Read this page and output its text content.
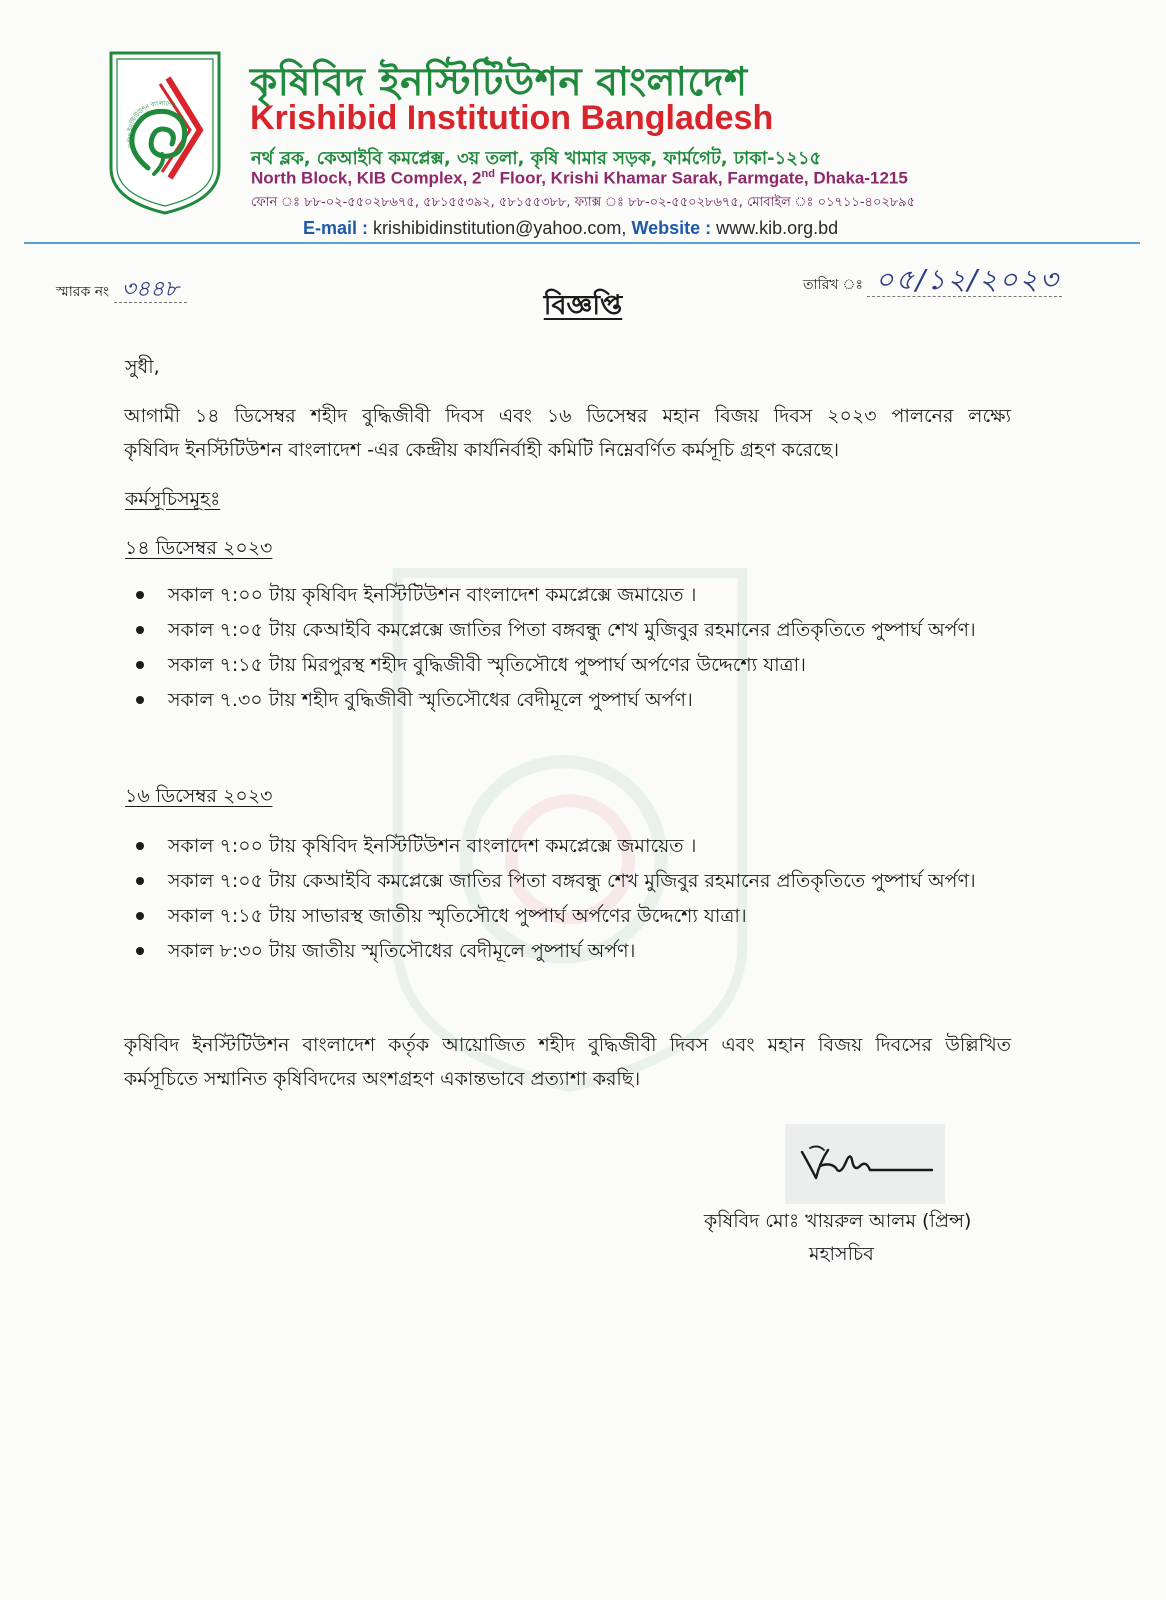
কৃষিবিদ ইনস্টিটিউশন বাংলাদেশ
কৃষিবিদ ইনস্টিটিউশন বাংলাদেশ
Krishibid Institution Bangladesh
নর্থ ব্লক, কেআইবি কমপ্লেক্স, ৩য় তলা, কৃষি খামার সড়ক, ফার্মগেট, ঢাকা-১২১৫
North Block, KIB Complex, 2nd Floor, Krishi Khamar Sarak, Farmgate, Dhaka-1215
ফোন ঃ ৮৮-০২-৫৫০২৮৬৭৫, ৫৮১৫৫৩৯২, ৫৮১৫৫৩৮৮, ফ্যাক্স ঃ ৮৮-০২-৫৫০২৮৬৭৫, মোবাইল ঃ ০১৭১১-৪০২৮৯৫
E-mail : krishibidinstitution@yahoo.com, Website : www.kib.org.bd
স্মারক নং ৩৪৪৮	তারিখ ঃ ০৫/১২/২০২৩
বিজ্ঞপ্তি
সুধী,
আগামী ১৪ ডিসেম্বর শহীদ বুদ্ধিজীবী দিবস এবং ১৬ ডিসেম্বর মহান বিজয় দিবস ২০২৩ পালনের লক্ষ্যে
কৃষিবিদ ইনস্টিটিউশন বাংলাদেশ -এর কেন্দ্রীয় কার্যনির্বাহী কমিটি নিম্নেবর্ণিত কর্মসূচি গ্রহণ করেছে।
কর্মসূচিসমূহঃ
১৪ ডিসেম্বর ২০২৩
সকাল ৭:০০ টায় কৃষিবিদ ইনস্টিটিউশন বাংলাদেশ কমপ্লেক্সে জমায়েত ।
সকাল ৭:০৫ টায় কেআইবি কমপ্লেক্সে জাতির পিতা বঙ্গবন্ধু শেখ মুজিবুর রহমানের প্রতিকৃতিতে পুষ্পার্ঘ অর্পণ।
সকাল ৭:১৫ টায় মিরপুরস্থ শহীদ বুদ্ধিজীবী স্মৃতিসৌধে পুষ্পার্ঘ অর্পণের উদ্দেশ্যে যাত্রা।
সকাল ৭.৩০ টায় শহীদ বুদ্ধিজীবী স্মৃতিসৌধের বেদীমূলে পুষ্পার্ঘ অর্পণ।
১৬ ডিসেম্বর ২০২৩
সকাল ৭:০০ টায় কৃষিবিদ ইনস্টিটিউশন বাংলাদেশ কমপ্লেক্সে জমায়েত ।
সকাল ৭:০৫ টায় কেআইবি কমপ্লেক্সে জাতির পিতা বঙ্গবন্ধু শেখ মুজিবুর রহমানের প্রতিকৃতিতে পুষ্পার্ঘ অর্পণ।
সকাল ৭:১৫ টায় সাভারস্থ জাতীয় স্মৃতিসৌধে পুষ্পার্ঘ অর্পণের উদ্দেশ্যে যাত্রা।
সকাল ৮:৩০ টায় জাতীয় স্মৃতিসৌধের বেদীমূলে পুষ্পার্ঘ অর্পণ।
কৃষিবিদ ইনস্টিটিউশন বাংলাদেশ কর্তৃক আয়োজিত শহীদ বুদ্ধিজীবী দিবস এবং মহান বিজয় দিবসের উল্লিখিত
কর্মসূচিতে সম্মানিত কৃষিবিদদের অংশগ্রহণ একান্তভাবে প্রত্যাশা করছি।
কৃষিবিদ মোঃ খায়রুল আলম (প্রিন্স)
মহাসচিব
